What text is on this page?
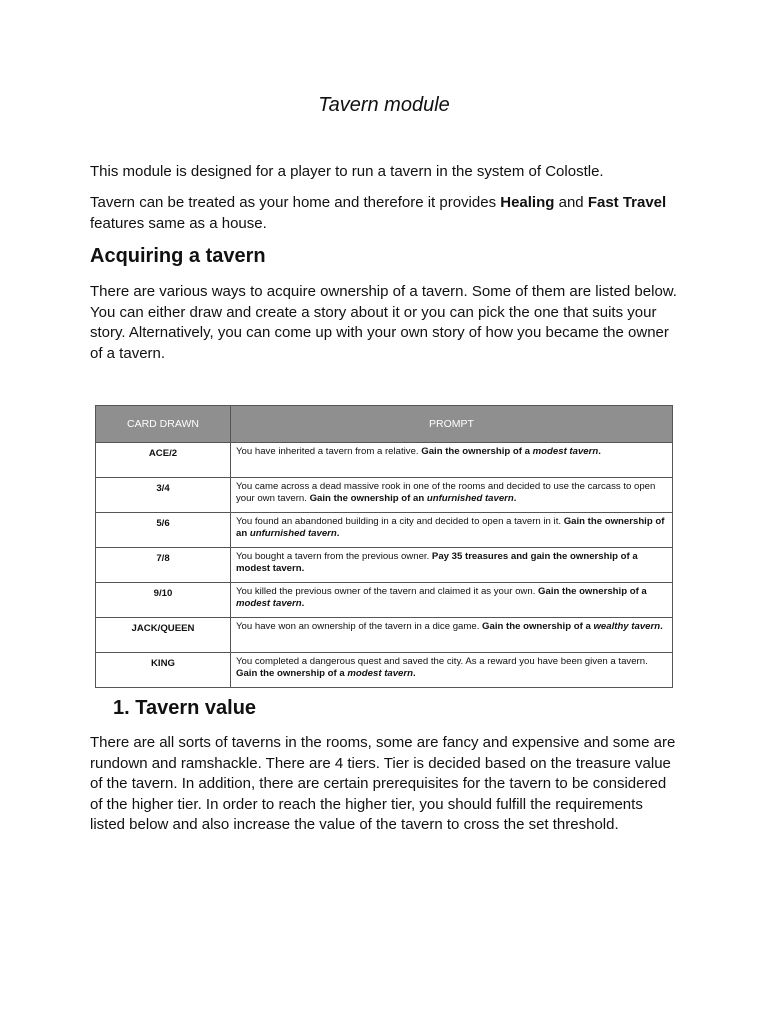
Tavern module

This module is designed for a player to run a tavern in the system of Colostle.

Tavern can be treated as your home and therefore it provides Healing and Fast Travel features same as a house.

Acquiring a tavern

There are various ways to acquire ownership of a tavern. Some of them are listed below. You can either draw and create a story about it or you can pick the one that suits your story. Alternatively, you can come up with your own story of how you became the owner of a tavern.

CARD DRAWN	PROMPT
ACE/2	You have inherited a tavern from a relative. Gain the ownership of a modest tavern.
3/4	You came across a dead massive rook in one of the rooms and decided to use the carcass to open your own tavern. Gain the ownership of an unfurnished tavern.
5/6	You found an abandoned building in a city and decided to open a tavern in it. Gain the ownership of an unfurnished tavern.
7/8	You bought a tavern from the previous owner. Pay 35 treasures and gain the ownership of a modest tavern.
9/10	You killed the previous owner of the tavern and claimed it as your own. Gain the ownership of a modest tavern.
JACK/QUEEN	You have won an ownership of the tavern in a dice game. Gain the ownership of a wealthy tavern.
KING	You completed a dangerous quest and saved the city. As a reward you have been given a tavern. Gain the ownership of a modest tavern.
1. Tavern value

There are all sorts of taverns in the rooms, some are fancy and expensive and some are rundown and ramshackle. There are 4 tiers. Tier is decided based on the treasure value of the tavern. In addition, there are certain prerequisites for the tavern to be considered of the higher tier. In order to reach the higher tier, you should fulfill the requirements listed below and also increase the value of the tavern to cross the set threshold.
